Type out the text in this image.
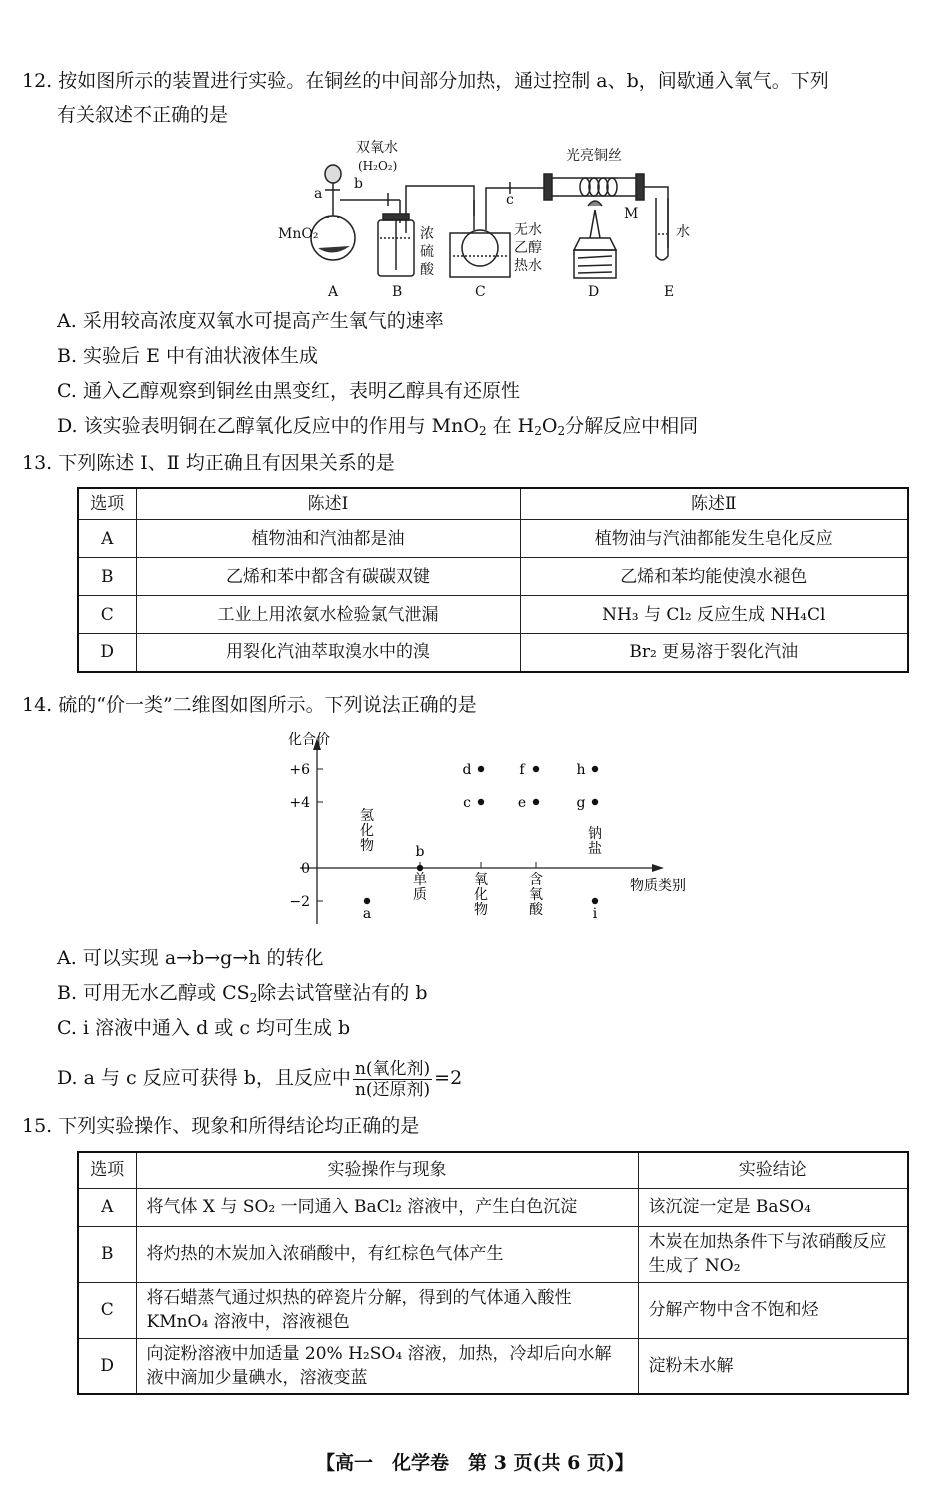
12. 按如图所示的装置进行实验。在铜丝的中间部分加热，通过控制 a、b，间歇通入氧气。下列
有关叙述不正确的是
双氧水
(H₂O₂)
a
b
c
MnO₂	浓
硫
酸
光亮铜丝
M
无水
乙醇
热水
水
A	B	C	D	E
A. 采用较高浓度双氧水可提高产生氧气的速率
B. 实验后 E 中有油状液体生成
C. 通入乙醇观察到铜丝由黑变红，表明乙醇具有还原性
D. 该实验表明铜在乙醇氧化反应中的作用与 MnO$_2$ 在 $H_2O_2$分解反应中相同
13. 下列陈述 Ⅰ、Ⅱ 均正确且有因果关系的是
选项	陈述Ⅰ	陈述Ⅱ
A	植物油和汽油都是油	植物油与汽油都能发生皂化反应
B	乙烯和苯中都含有碳碳双键	乙烯和苯均能使溴水褪色
C	工业上用浓氨水检验氯气泄漏	NH₃ 与 Cl₂ 反应生成 NH₄Cl
D	用裂化汽油萃取溴水中的溴	Br₂ 更易溶于裂化汽油
14. 硫的“价一类”二维图如图所示。下列说法正确的是
化合价
物质类别
+6
+4
0
−2
氢化物
单质
氧化物
含氧酸
钠盐
a
b
c
d
e
f
g
h
i
A. 可以实现 a→b→g→h 的转化
B. 可用无水乙醇或 $CS_2$除去试管壁沾有的 b
C. i 溶液中通入 d 或 c 均可生成 b
D. a 与 c 反应可获得 b，且反应中 $\frac{\text{n(氧化剂)}}{\text{n(还原剂)}} =2$
15. 下列实验操作、现象和所得结论均正确的是
选项	实验操作与现象	实验结论
A	将气体 X 与 SO₂ 一同通入 BaCl₂ 溶液中，产生白色沉淀	该沉淀一定是 BaSO₄
B	将灼热的木炭加入浓硝酸中，有红棕色气体产生	木炭在加热条件下与浓硝酸反应生成了 NO₂
C	将石蜡蒸气通过炽热的碎瓷片分解，得到的气体通入酸性 KMnO₄ 溶液中，溶液褪色	分解产物中含不饱和烃
D	向淀粉溶液中加适量 20% H₂SO₄ 溶液，加热，冷却后向水解液中滴加少量碘水，溶液变蓝	淀粉未水解
【高一　化学卷　第 3 页(共 6 页)】
